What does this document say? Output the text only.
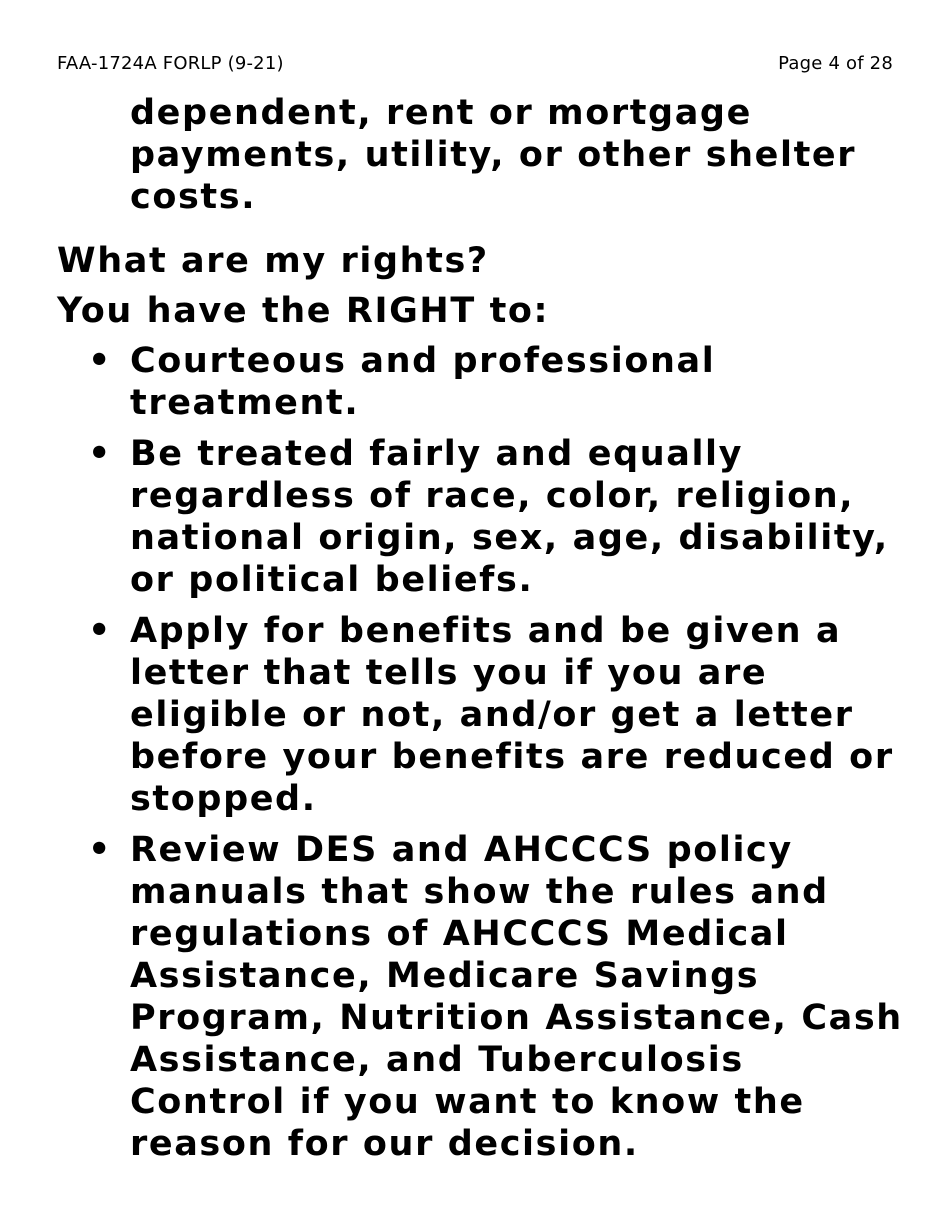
FAA-1724A FORLP (9-21)	Page 4 of 28

dependent, rent or mortgage payments, utility, or other shelter costs.

What are my rights?

You have the RIGHT to:

• Courteous and professional treatment.
• Be treated fairly and equally regardless of race, color, religion, national origin, sex, age, disability, or political beliefs.
• Apply for benefits and be given a letter that tells you if you are eligible or not, and/or get a letter before your benefits are reduced or stopped.
• Review DES and AHCCCS policy manuals that show the rules and regulations of AHCCCS Medical Assistance, Medicare Savings Program, Nutrition Assistance, Cash Assistance, and Tuberculosis Control if you want to know the reason for our decision.
